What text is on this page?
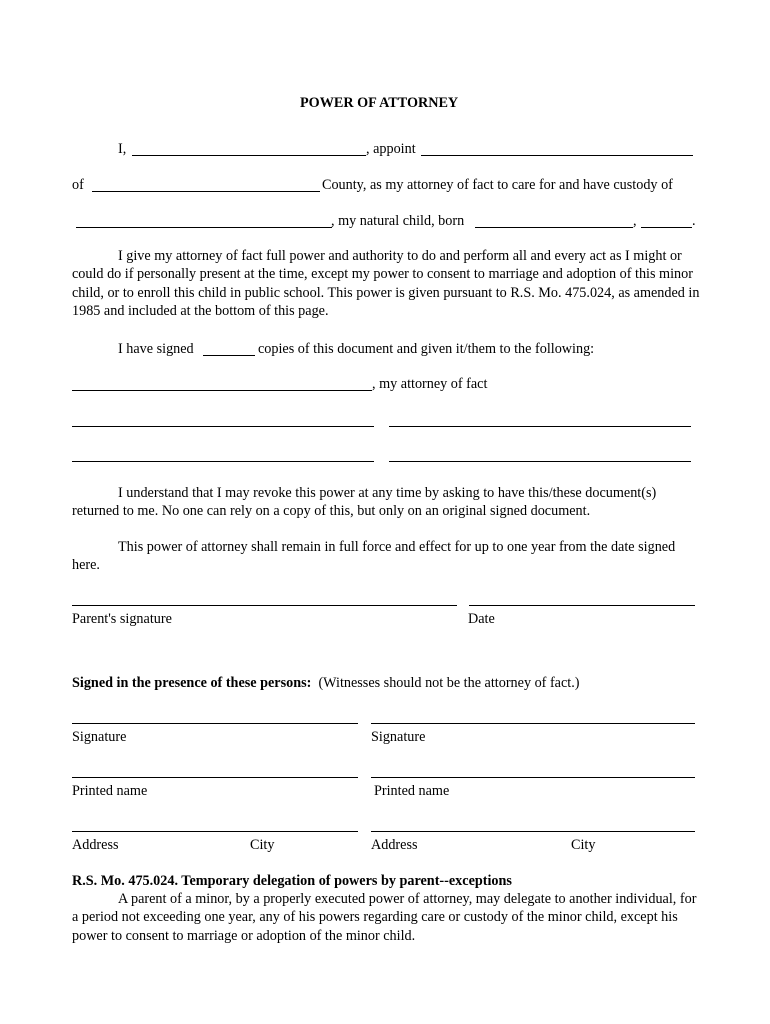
POWER OF ATTORNEY
I,	, appoint
of	County, as my attorney of fact to care for and have custody of
, my natural child, born	,	.
I give my attorney of fact full power and authority to do and perform all and every act as I might or could do if personally present at the time, except my power to consent to marriage and adoption of this minor child, or to enroll this child in public school. This power is given pursuant to R.S. Mo. 475.024, as amended in 1985 and included at the bottom of this page.
I have signed	copies of this document and given it/them to the following:
, my attorney of fact
I understand that I may revoke this power at any time by asking to have this/these document(s) returned to me. No one can rely on a copy of this, but only on an original signed document.
This power of attorney shall remain in full force and effect for up to one year from the date signed here.
Parent's signature	Date
Signed in the presence of these persons: (Witnesses should not be the attorney of fact.)
Signature	Signature
Printed name	Printed name
Address	City	Address	City
R.S. Mo. 475.024. Temporary delegation of powers by parent--exceptions
A parent of a minor, by a properly executed power of attorney, may delegate to another individual, for a period not exceeding one year, any of his powers regarding care or custody of the minor child, except his power to consent to marriage or adoption of the minor child.
